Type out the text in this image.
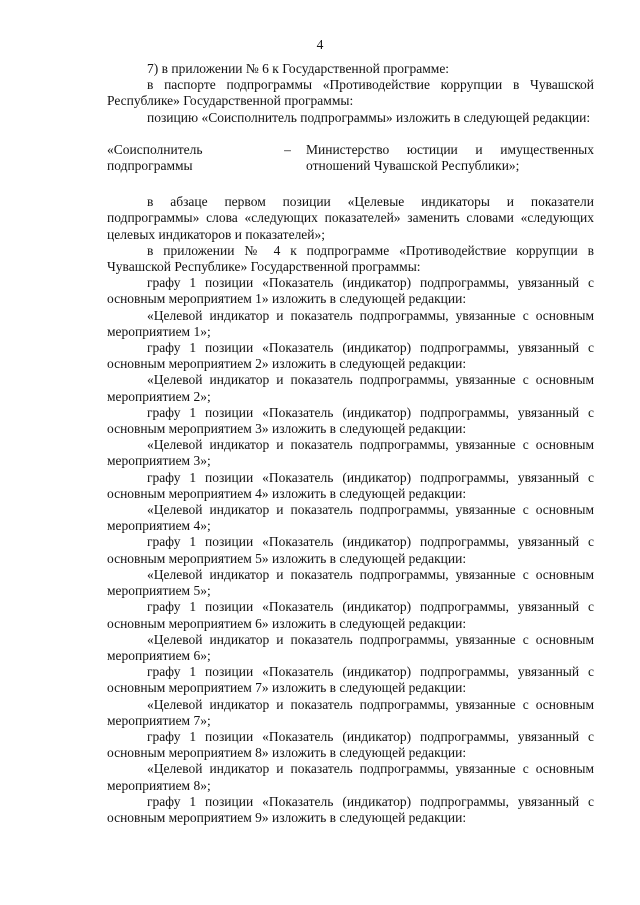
4

7) в приложении № 6 к Государственной программе:

в паспорте подпрограммы «Противодействие коррупции в Чувашской Республике» Государственной программы:

позицию «Соисполнитель подпрограммы» изложить в следующей редакции:

«Соисполнитель подпрограммы
–	Министерство юстиции и имущественных отношений Чувашской Республики»;

в абзаце первом позиции «Целевые индикаторы и показатели подпрограммы» слова «следующих показателей» заменить словами «следующих целевых индикаторов и показателей»;

в приложении № 4 к подпрограмме «Противодействие коррупции в Чувашской Республике» Государственной программы:

графу 1 позиции «Показатель (индикатор) подпрограммы, увязанный с основным мероприятием 1» изложить в следующей редакции:

«Целевой индикатор и показатель подпрограммы, увязанные с основным мероприятием 1»;

графу 1 позиции «Показатель (индикатор) подпрограммы, увязанный с основным мероприятием 2» изложить в следующей редакции:

«Целевой индикатор и показатель подпрограммы, увязанные с основным мероприятием 2»;

графу 1 позиции «Показатель (индикатор) подпрограммы, увязанный с основным мероприятием 3» изложить в следующей редакции:

«Целевой индикатор и показатель подпрограммы, увязанные с основным мероприятием 3»;

графу 1 позиции «Показатель (индикатор) подпрограммы, увязанный с основным мероприятием 4» изложить в следующей редакции:

«Целевой индикатор и показатель подпрограммы, увязанные с основным мероприятием 4»;

графу 1 позиции «Показатель (индикатор) подпрограммы, увязанный с основным мероприятием 5» изложить в следующей редакции:

«Целевой индикатор и показатель подпрограммы, увязанные с основным мероприятием 5»;

графу 1 позиции «Показатель (индикатор) подпрограммы, увязанный с основным мероприятием 6» изложить в следующей редакции:

«Целевой индикатор и показатель подпрограммы, увязанные с основным мероприятием 6»;

графу 1 позиции «Показатель (индикатор) подпрограммы, увязанный с основным мероприятием 7» изложить в следующей редакции:

«Целевой индикатор и показатель подпрограммы, увязанные с основным мероприятием 7»;

графу 1 позиции «Показатель (индикатор) подпрограммы, увязанный с основным мероприятием 8» изложить в следующей редакции:

«Целевой индикатор и показатель подпрограммы, увязанные с основным мероприятием 8»;

графу 1 позиции «Показатель (индикатор) подпрограммы, увязанный с основным мероприятием 9» изложить в следующей редакции:
